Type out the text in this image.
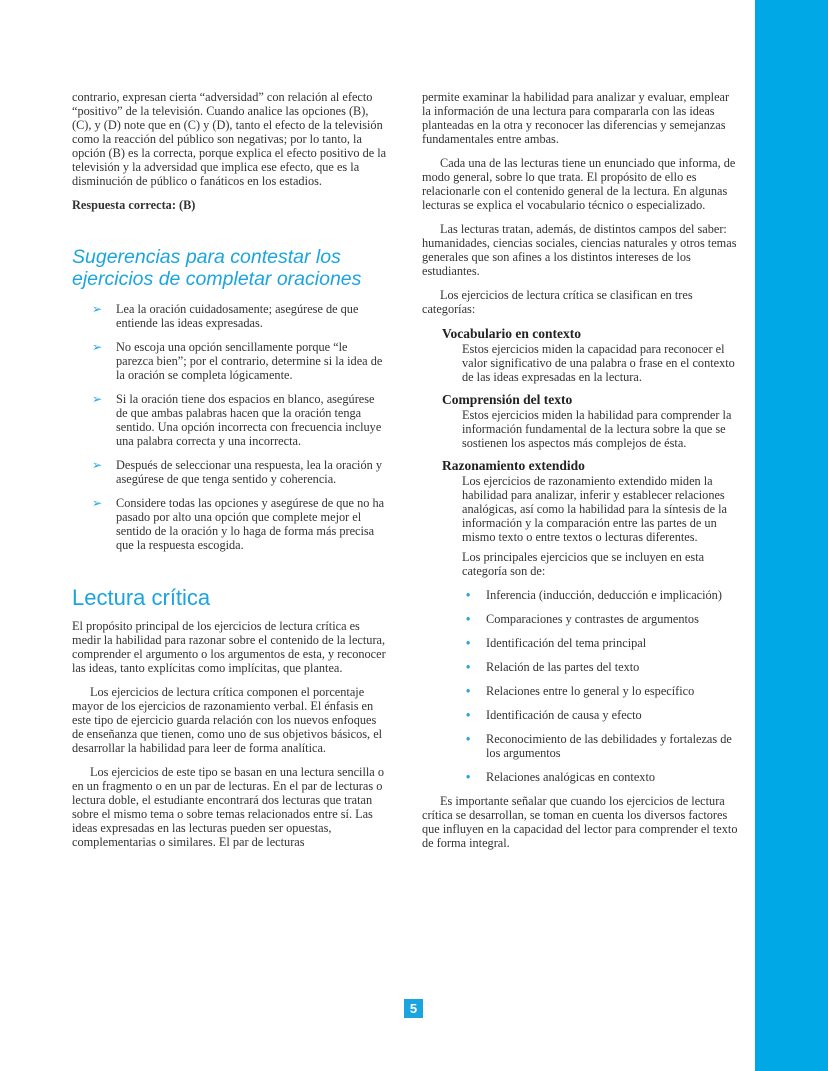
contrario, expresan cierta “adversidad” con relación al efecto “positivo” de la televisión. Cuando analice las opciones (B), (C), y (D) note que en (C) y (D), tanto el efecto de la televisión como la reacción del público son negativas; por lo tanto, la opción (B) es la correcta, porque explica el efecto positivo de la televisión y la adversidad que implica ese efecto, que es la disminución de público o fanáticos en los estadios.

Respuesta correcta: (B)

Sugerencias para contestar los
ejercicios de completar oraciones
➢ Lea la oración cuidadosamente; asegúrese de que entiende las ideas expresadas.
➢ No escoja una opción sencillamente porque “le parezca bien”; por el contrario, determine si la idea de la oración se completa lógicamente.
➢ Si la oración tiene dos espacios en blanco, asegúrese de que ambas palabras hacen que la oración tenga sentido. Una opción incorrecta con frecuencia incluye una palabra correcta y una incorrecta.
➢ Después de seleccionar una respuesta, lea la oración y asegúrese de que tenga sentido y coherencia.
➢ Considere todas las opciones y asegúrese de que no ha pasado por alto una opción que complete mejor el sentido de la oración y lo haga de forma más precisa que la respuesta escogida.
Lectura crítica

El propósito principal de los ejercicios de lectura crítica es medir la habilidad para razonar sobre el contenido de la lectura, comprender el argumento o los argumentos de esta, y reconocer las ideas, tanto explícitas como implícitas, que plantea.

Los ejercicios de lectura crítica componen el porcentaje mayor de los ejercicios de razonamiento verbal. El énfasis en este tipo de ejercicio guarda relación con los nuevos enfoques de enseñanza que tienen, como uno de sus objetivos básicos, el desarrollar la habilidad para leer de forma analítica.

Los ejercicios de este tipo se basan en una lectura sencilla o en un fragmento o en un par de lecturas. En el par de lecturas o lectura doble, el estudiante encontrará dos lecturas que tratan sobre el mismo tema o sobre temas relacionados entre sí. Las ideas expresadas en las lecturas pueden ser opuestas, complementarias o similares. El par de lecturas

permite examinar la habilidad para analizar y evaluar, emplear la información de una lectura para compararla con las ideas planteadas en la otra y reconocer las diferencias y semejanzas fundamentales entre ambas.

Cada una de las lecturas tiene un enunciado que informa, de modo general, sobre lo que trata. El propósito de ello es relacionarle con el contenido general de la lectura. En algunas lecturas se explica el vocabulario técnico o especializado.

Las lecturas tratan, además, de distintos campos del saber: humanidades, ciencias sociales, ciencias naturales y otros temas generales que son afines a los distintos intereses de los estudiantes.

Los ejercicios de lectura crítica se clasifican en tres categorías:

Vocabulario en contexto

Estos ejercicios miden la capacidad para reconocer el valor significativo de una palabra o frase en el contexto de las ideas expresadas en la lectura.

Comprensión del texto

Estos ejercicios miden la habilidad para comprender la información fundamental de la lectura sobre la que se sostienen los aspectos más complejos de ésta.

Razonamiento extendido

Los ejercicios de razonamiento extendido miden la habilidad para analizar, inferir y establecer relaciones analógicas, así como la habilidad para la síntesis de la información y la comparación entre las partes de un mismo texto o entre textos o lecturas diferentes.

Los principales ejercicios que se incluyen en esta categoría son de:

• Inferencia (inducción, deducción e implicación)
• Comparaciones y contrastes de argumentos
• Identificación del tema principal
• Relación de las partes del texto
• Relaciones entre lo general y lo específico
• Identificación de causa y efecto
• Reconocimiento de las debilidades y fortalezas de los argumentos
• Relaciones analógicas en contexto

Es importante señalar que cuando los ejercicios de lectura crítica se desarrollan, se toman en cuenta los diversos factores que influyen en la capacidad del lector para comprender el texto de forma integral.

5
